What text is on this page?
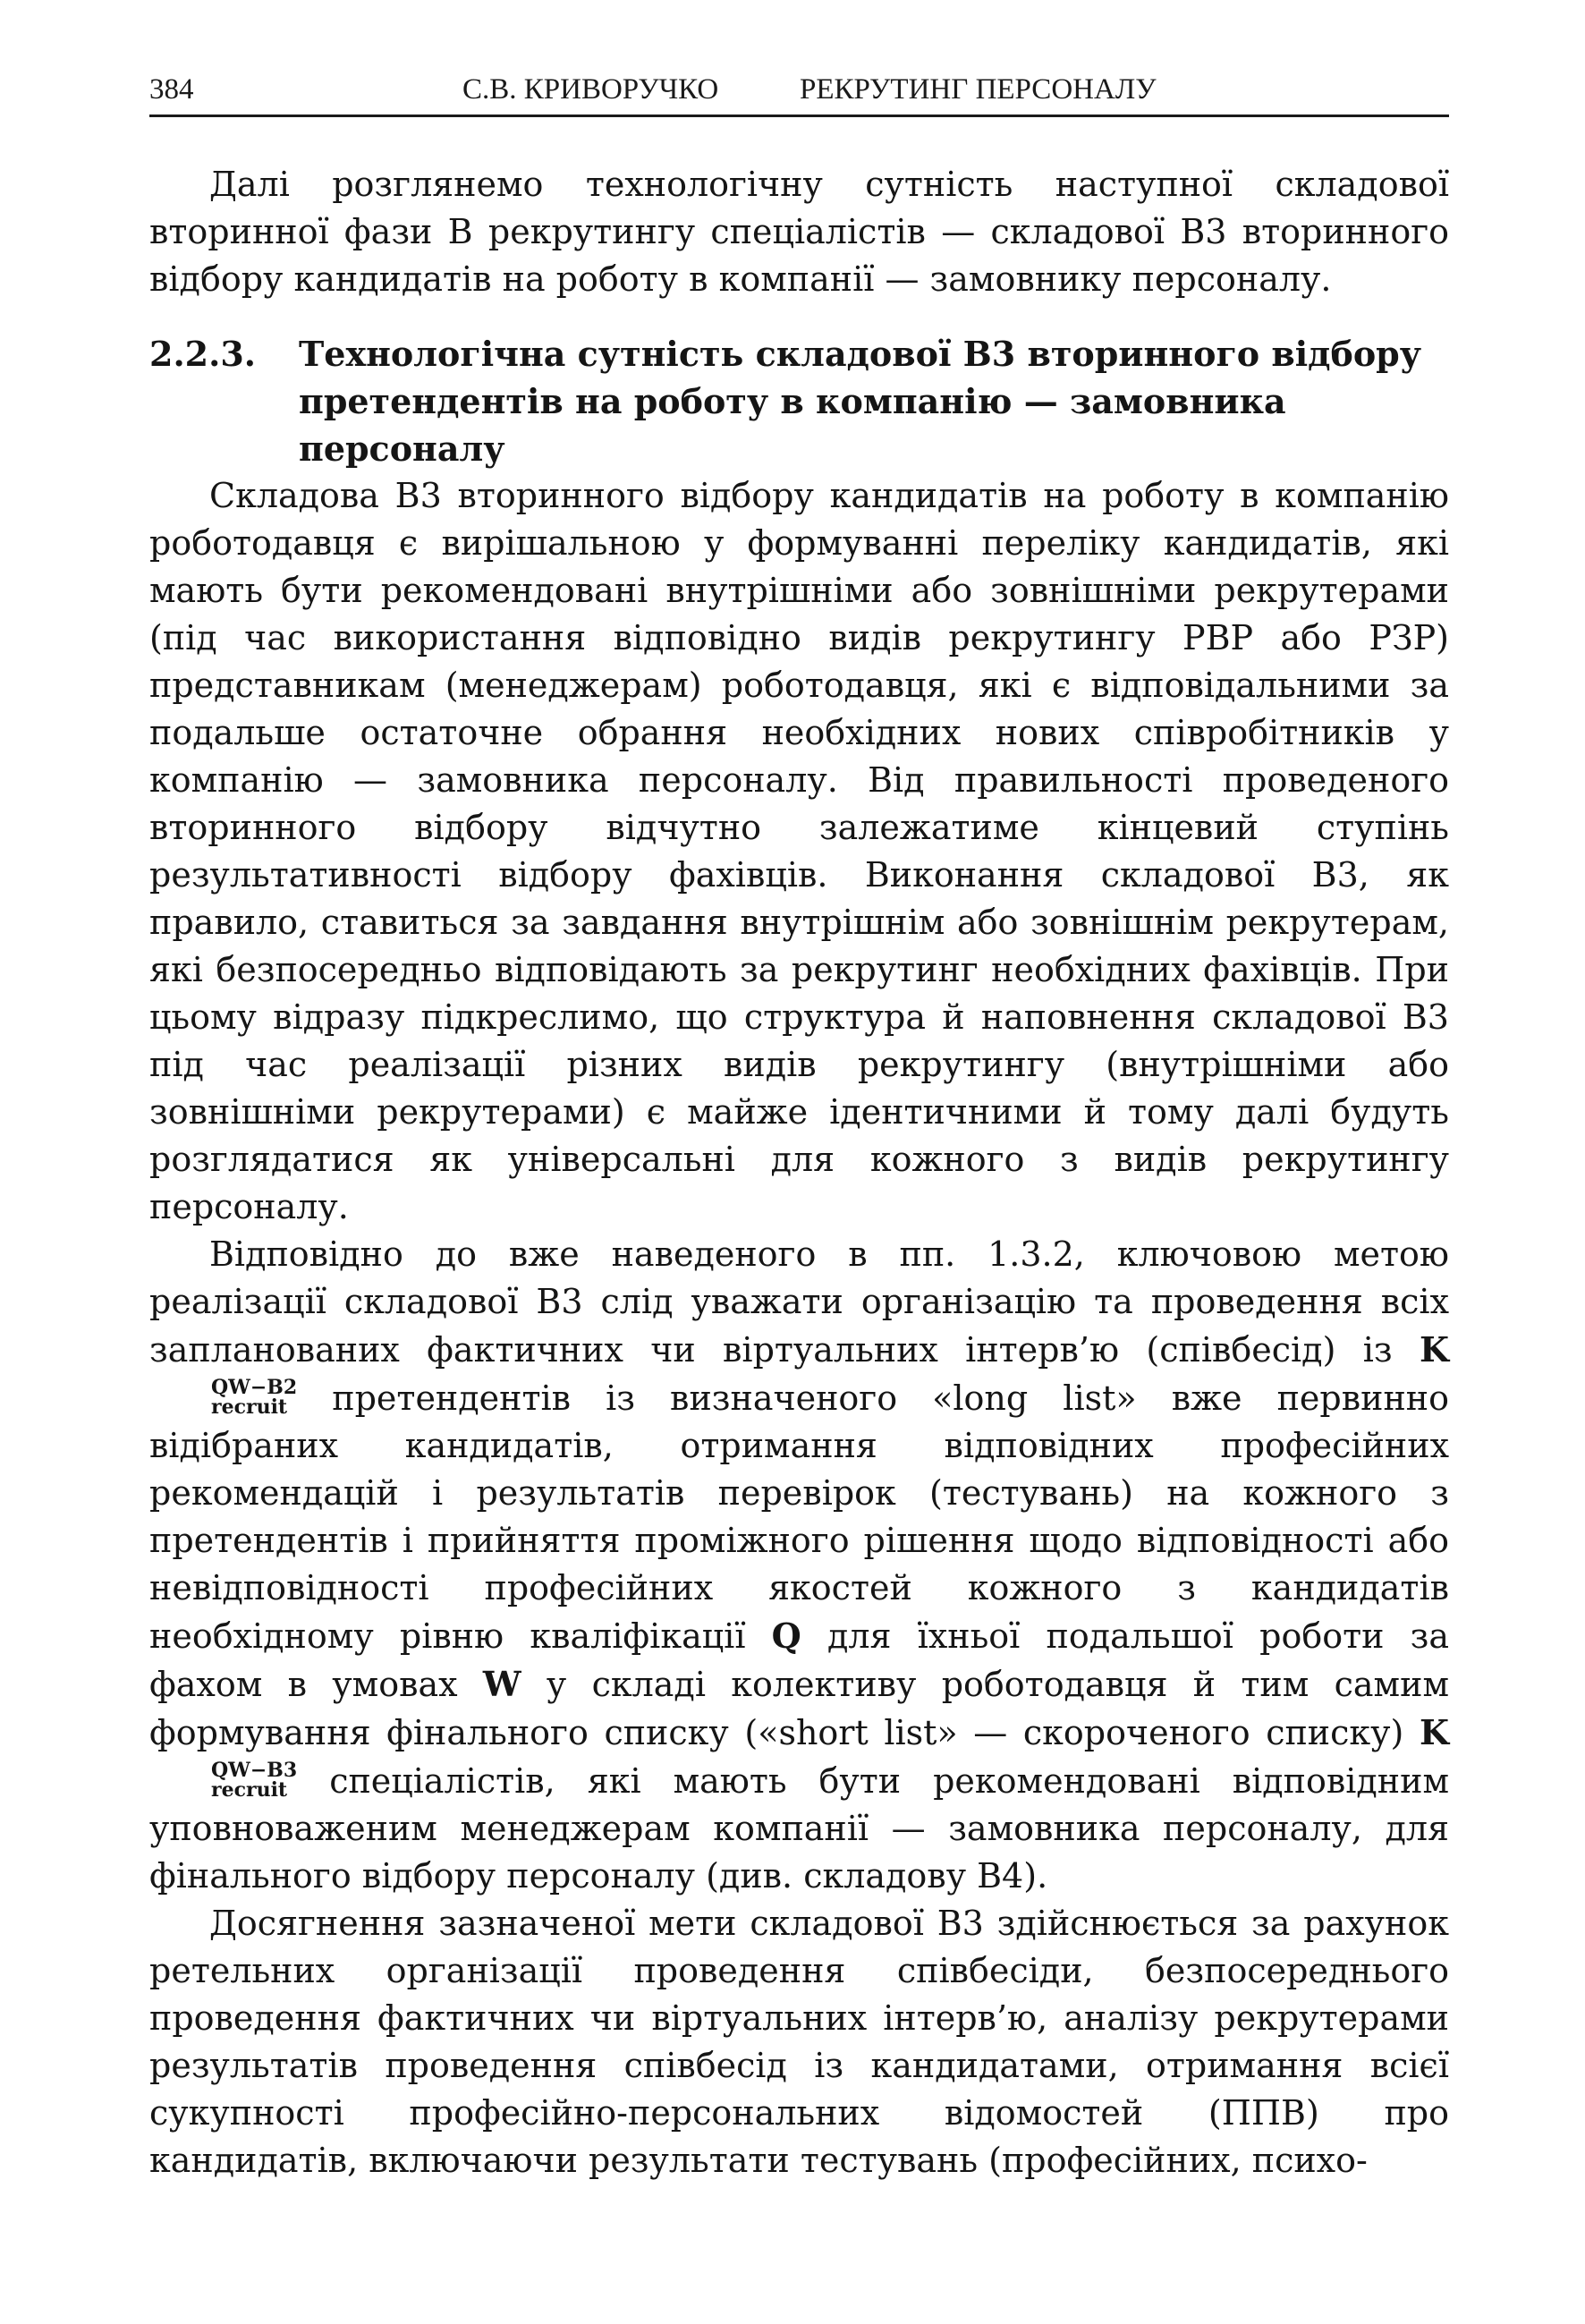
384	С.В. КРИВОРУЧКО	РЕКРУТИНГ ПЕРСОНАЛУ

Далі розглянемо технологічну сутність наступної складової вторинної фази B рекрутингу спеціалістів — складової B3 вторинного відбору кандидатів на роботу в компанії — замовнику персоналу.

2.2.3. Технологічна сутність складової B3 вторинного відбору претендентів на роботу в компанію — замовника персоналу

Складова B3 вторинного відбору кандидатів на роботу в компанію роботодавця є вирішальною у формуванні переліку кандидатів, які мають бути рекомендовані внутрішніми або зовнішніми рекрутерами (під час використання відповідно видів рекрутингу РВР або РЗР) представникам (менеджерам) роботодавця, які є відповідальними за подальше остаточне обрання необхідних нових співробітників у компанію — замовника персоналу. Від правильності проведеного вторинного відбору відчутно залежатиме кінцевий ступінь результативності відбору фахівців. Виконання складової B3, як правило, ставиться за завдання внутрішнім або зовнішнім рекрутерам, які безпосередньо відповідають за рекрутинг необхідних фахівців. При цьому відразу підкреслимо, що структура й наповнення складової B3 під час реалізації різних видів рекрутингу (внутрішніми або зовнішніми рекрутерами) є майже ідентичними й тому далі будуть розглядатися як універсальні для кожного з видів рекрутингу персоналу.

Відповідно до вже наведеного в пп. 1.3.2, ключовою метою реалізації складової B3 слід уважати організацію та проведення всіх запланованих фактичних чи віртуальних інтерв’ю (співбесід) із K
QW−B2
recruit претендентів із визначеного «long list» вже первинно відібраних кандидатів, отримання відповідних професійних рекомендацій і результатів перевірок (тестувань) на кожного з претендентів і прийняття проміжного рішення щодо відповідності або невідповідності професійних якостей кожного з кандидатів необхідному рівню кваліфікації Q для їхньої подальшої роботи за фахом в умовах W у складі колективу роботодавця й тим самим формування фінального списку («short list» — скороченого списку) K
QW−B3
recruit спеціалістів, які мають бути рекомендовані відповідним уповноваженим менеджерам компанії — замовника персоналу, для фінального відбору персоналу (див. складову B4).

Досягнення зазначеної мети складової B3 здійснюється за рахунок ретельних організації проведення співбесіди, безпосереднього проведення фактичних чи віртуальних інтерв’ю, аналізу рекрутерами результатів проведення співбесід із кандидатами, отримання всієї сукупності професійно-персональних відомостей (ППВ) про кандидатів, включаючи результати тестувань (професійних, психо-
